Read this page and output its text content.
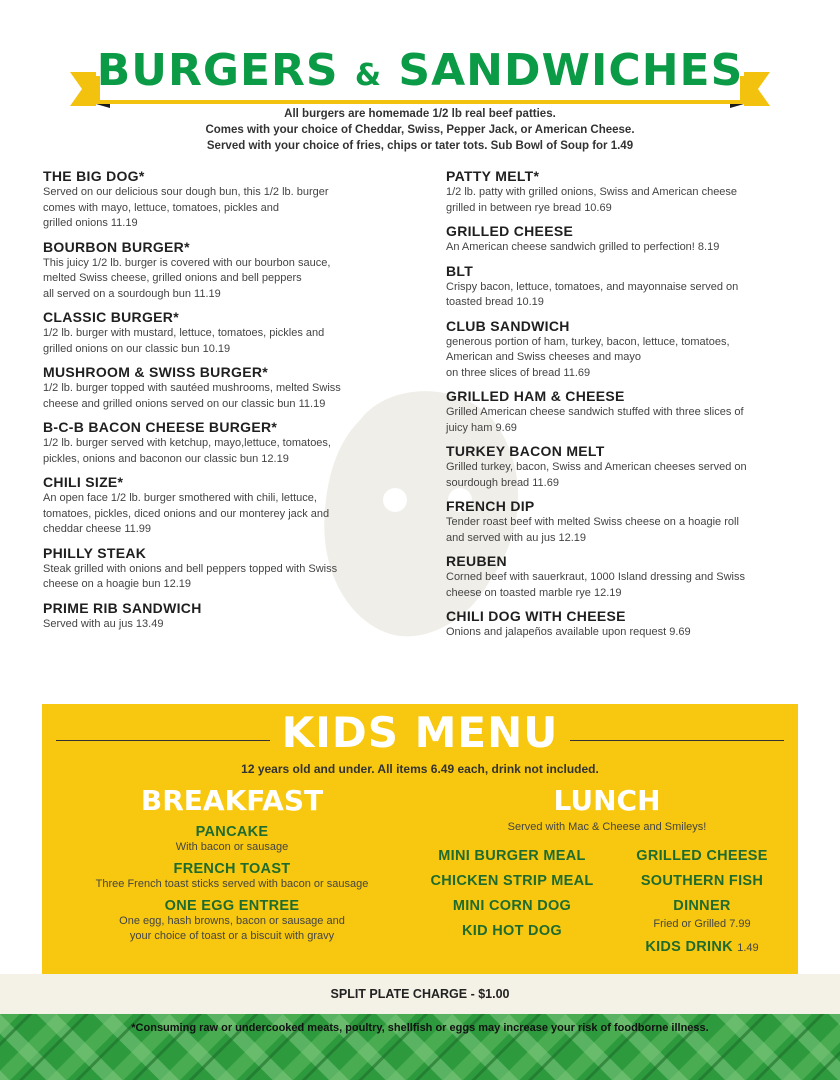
BURGERS & SANDWICHES
All burgers are homemade 1/2 lb real beef patties.
Comes with your choice of Cheddar, Swiss, Pepper Jack, or American Cheese.
Served with your choice of fries, chips or tater tots. Sub Bowl of Soup for 1.49
THE BIG DOG*

Served on our delicious sour dough bun, this 1/2 lb. burger
comes with mayo, lettuce, tomatoes, pickles and
grilled onions 11.19

BOURBON BURGER*

This juicy 1/2 lb. burger is covered with our bourbon sauce,
melted Swiss cheese, grilled onions and bell peppers
all served on a sourdough bun 11.19

CLASSIC BURGER*

1/2 lb. burger with mustard, lettuce, tomatoes, pickles and
grilled onions on our classic bun 10.19

MUSHROOM & SWISS BURGER*

1/2 lb. burger topped with sautéed mushrooms, melted Swiss
cheese and grilled onions served on our classic bun 11.19

B-C-B BACON CHEESE BURGER*

1/2 lb. burger served with ketchup, mayo,lettuce, tomatoes,
pickles, onions and baconon our classic bun 12.19

CHILI SIZE*

An open face 1/2 lb. burger smothered with chili, lettuce,
tomatoes, pickles, diced onions and our monterey jack and
cheddar cheese 11.99

PHILLY STEAK

Steak grilled with onions and bell peppers topped with Swiss
cheese on a hoagie bun 12.19

PRIME RIB SANDWICH

Served with au jus 13.49

PATTY MELT*

1/2 lb. patty with grilled onions, Swiss and American cheese
grilled in between rye bread 10.69

GRILLED CHEESE

An American cheese sandwich grilled to perfection! 8.19

BLT

Crispy bacon, lettuce, tomatoes, and mayonnaise served on
toasted bread 10.19

CLUB SANDWICH

generous portion of ham, turkey, bacon, lettuce, tomatoes,
American and Swiss cheeses and mayo
on three slices of bread 11.69

GRILLED HAM & CHEESE

Grilled American cheese sandwich stuffed with three slices of
juicy ham 9.69

TURKEY BACON MELT

Grilled turkey, bacon, Swiss and American cheeses served on
sourdough bread 11.69

FRENCH DIP

Tender roast beef with melted Swiss cheese on a hoagie roll
and served with au jus 12.19

REUBEN

Corned beef with sauerkraut, 1000 Island dressing and Swiss
cheese on toasted marble rye 12.19

CHILI DOG WITH CHEESE

Onions and jalapeños available upon request 9.69

KIDS MENU
12 years old and under. All items 6.49 each, drink not included.
BREAKFAST
PANCAKE

With bacon or sausage

FRENCH TOAST

Three French toast sticks served with bacon or sausage

ONE EGG ENTREE

One egg, hash browns, bacon or sausage and
your choice of toast or a biscuit with gravy

LUNCH
Served with Mac & Cheese and Smileys!
MINI BURGER MEAL
CHICKEN STRIP MEAL
MINI CORN DOG
KID HOT DOG
GRILLED CHEESE
SOUTHERN FISH DINNER
Fried or Grilled 7.99
KIDS DRINK 1.49
SPLIT PLATE CHARGE - $1.00
*Consuming raw or undercooked meats, poultry, shellfish or eggs may increase your risk of foodborne illness.
